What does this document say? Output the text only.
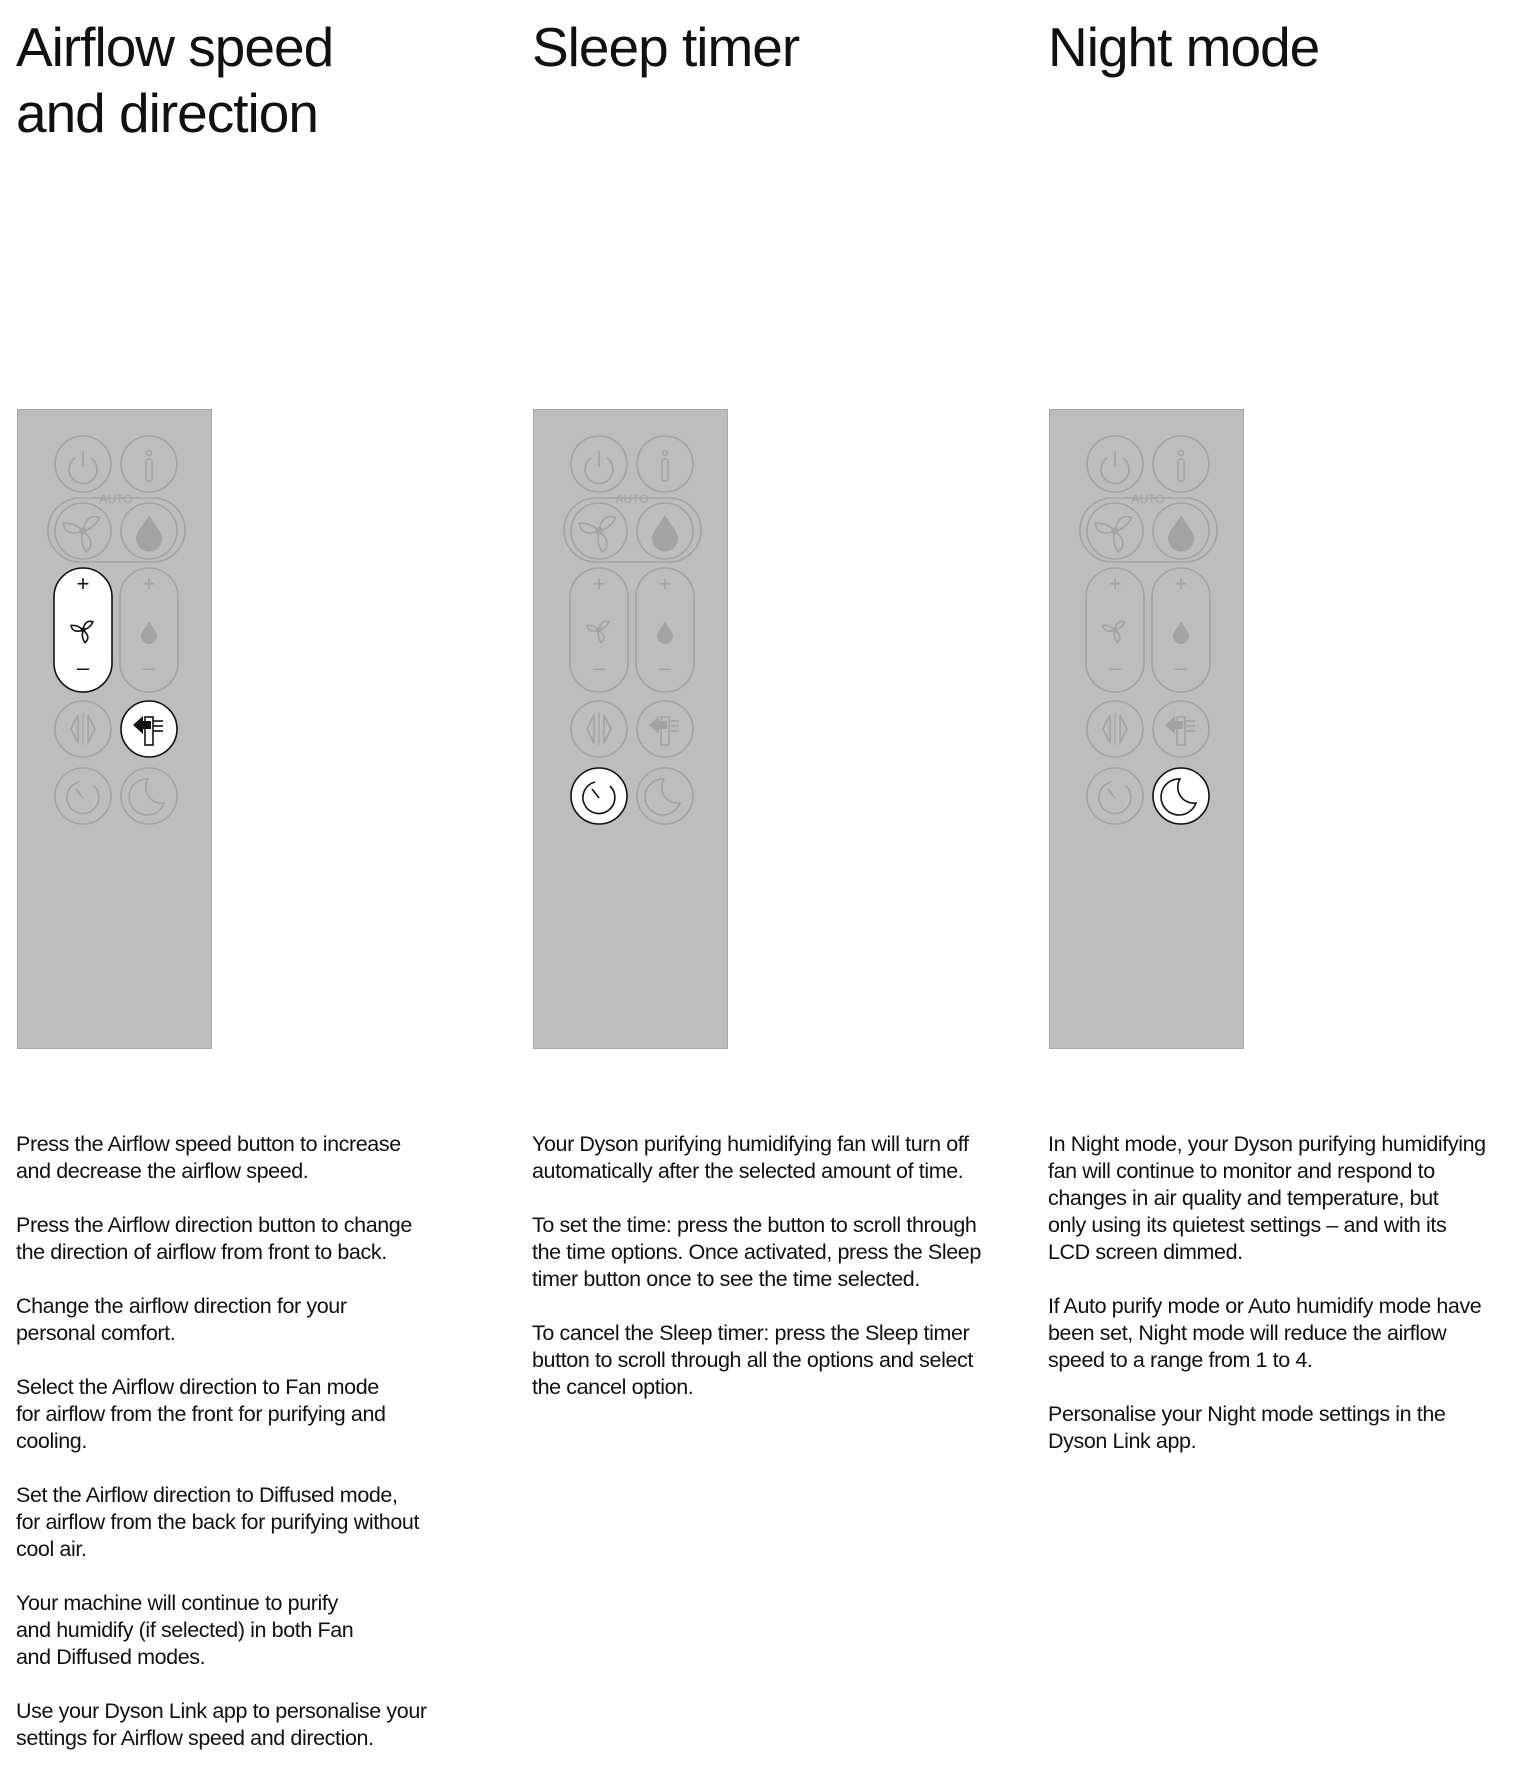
Airflow speed
and direction
AUTO
+
–
+
–

Press the Airflow speed button to increase
and decrease the airflow speed.

Press the Airflow direction button to change
the direction of airflow from front to back.

Change the airflow direction for your
personal comfort.

Select the Airflow direction to Fan mode
for airflow from the front for purifying and
cooling.

Set the Airflow direction to Diffused mode,
for airflow from the back for purifying without
cool air.

Your machine will continue to purify
and humidify (if selected) in both Fan
and Diffused modes.

Use your Dyson Link app to personalise your
settings for Airflow speed and direction.

Sleep timer
AUTO
+
–
+
–

Your Dyson purifying humidifying fan will turn off
automatically after the selected amount of time.

To set the time: press the button to scroll through
the time options. Once activated, press the Sleep
timer button once to see the time selected.

To cancel the Sleep timer: press the Sleep timer
button to scroll through all the options and select
the cancel option.

Night mode
AUTO
+
–
+
–

In Night mode, your Dyson purifying humidifying
fan will continue to monitor and respond to
changes in air quality and temperature, but
only using its quietest settings – and with its
LCD screen dimmed.

If Auto purify mode or Auto humidify mode have
been set, Night mode will reduce the airflow
speed to a range from 1 to 4.

Personalise your Night mode settings in the
Dyson Link app.
